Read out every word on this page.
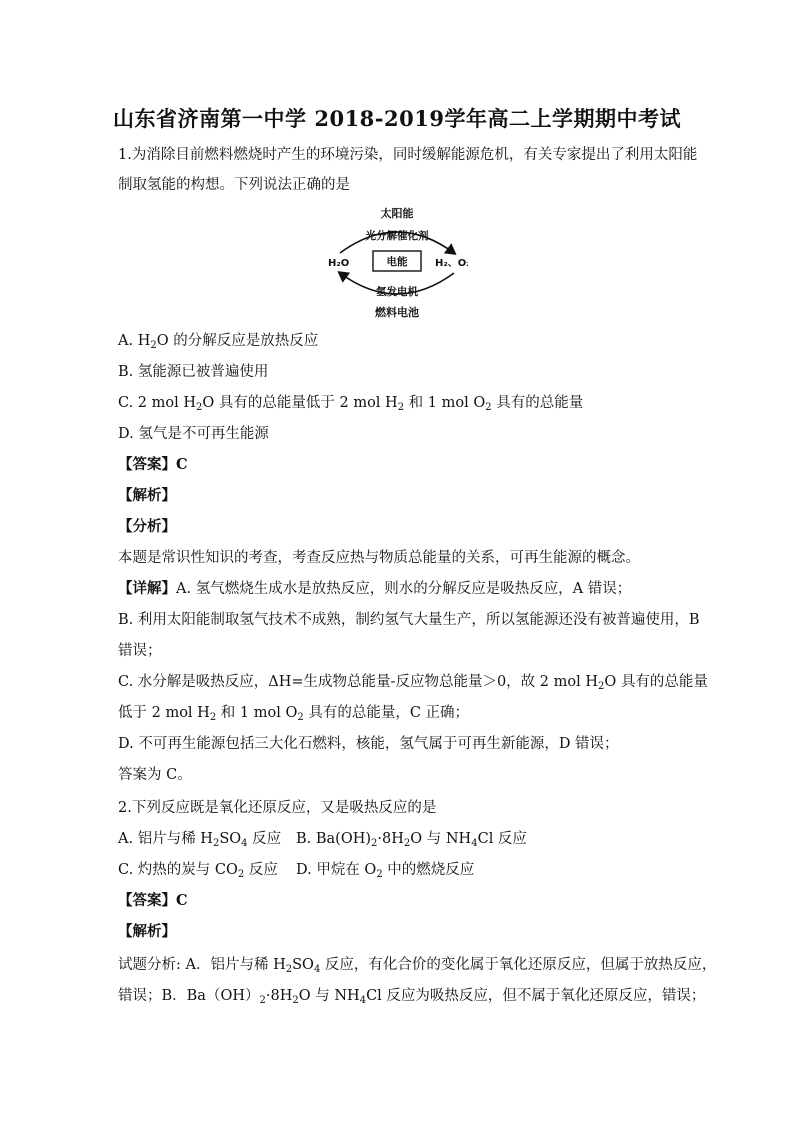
山东省济南第一中学 2018-2019学年高二上学期期中考试
1.为消除目前燃料燃烧时产生的环境污染，同时缓解能源危机，有关专家提出了利用太阳能
制取氢能的构想。下列说法正确的是
太阳能
光分解催化剂
H₂O	H₂、O₂
电能
氢发电机
燃料电池
A. $H_2O$ 的分解反应是放热反应
B. 氢能源已被普遍使用
C. 2 mol $H_2O$ 具有的总能量低于 2 mol $H_2$ 和 1 mol $O_2$ 具有的总能量
D. 氢气是不可再生能源
【答案】C
【解析】
【分析】
本题是常识性知识的考查，考查反应热与物质总能量的关系，可再生能源的概念。
【详解】A. 氢气燃烧生成水是放热反应，则水的分解反应是吸热反应，A 错误；
B. 利用太阳能制取氢气技术不成熟，制约氢气大量生产，所以氢能源还没有被普遍使用，B
错误；
C. 水分解是吸热反应，ΔH=生成物总能量-反应物总能量＞0，故 2 mol $H_2O$ 具有的总能量
低于 2 mol $H_2$ 和 1 mol $O_2$ 具有的总能量，C 正确；
D. 不可再生能源包括三大化石燃料，核能，氢气属于可再生新能源，D 错误；
答案为 C。
2.下列反应既是氧化还原反应，又是吸热反应的是
A. 铝片与稀 $H_2SO_4$ 反应 B. $Ba(OH)_2\cdot 8H_2O$ 与 $NH_4Cl$ 反应
C. 灼热的炭与 $CO_2$ 反应 D. 甲烷在 $O_2$ 中的燃烧反应
【答案】C
【解析】
试题分析: A．铝片与稀 $H_2SO_4$ 反应，有化合价的变化属于氧化还原反应，但属于放热反应，
错误；B．$Ba(OH)_2\cdot 8H_2O$ 与 $NH_4Cl$ 反应为吸热反应，但不属于氧化还原反应，错误；
